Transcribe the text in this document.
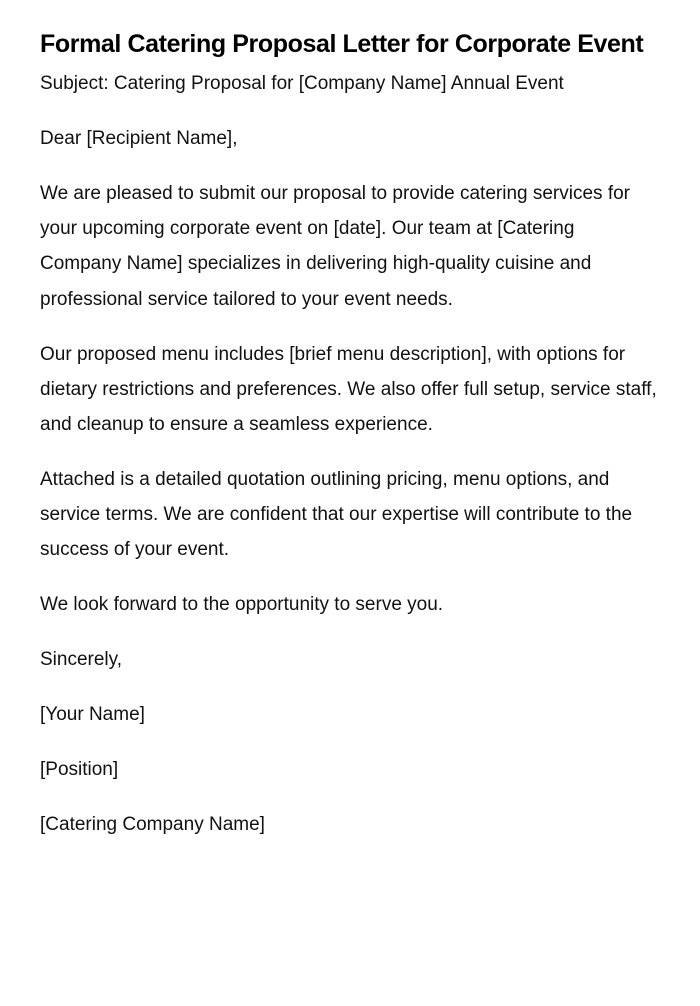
Formal Catering Proposal Letter for Corporate Event

Subject: Catering Proposal for [Company Name] Annual Event

Dear [Recipient Name],

We are pleased to submit our proposal to provide catering services for your upcoming corporate event on [date]. Our team at [Catering Company Name] specializes in delivering high-quality cuisine and professional service tailored to your event needs.

Our proposed menu includes [brief menu description], with options for dietary restrictions and preferences. We also offer full setup, service staff, and cleanup to ensure a seamless experience.

Attached is a detailed quotation outlining pricing, menu options, and service terms. We are confident that our expertise will contribute to the success of your event.

We look forward to the opportunity to serve you.

Sincerely,

[Your Name]

[Position]

[Catering Company Name]
